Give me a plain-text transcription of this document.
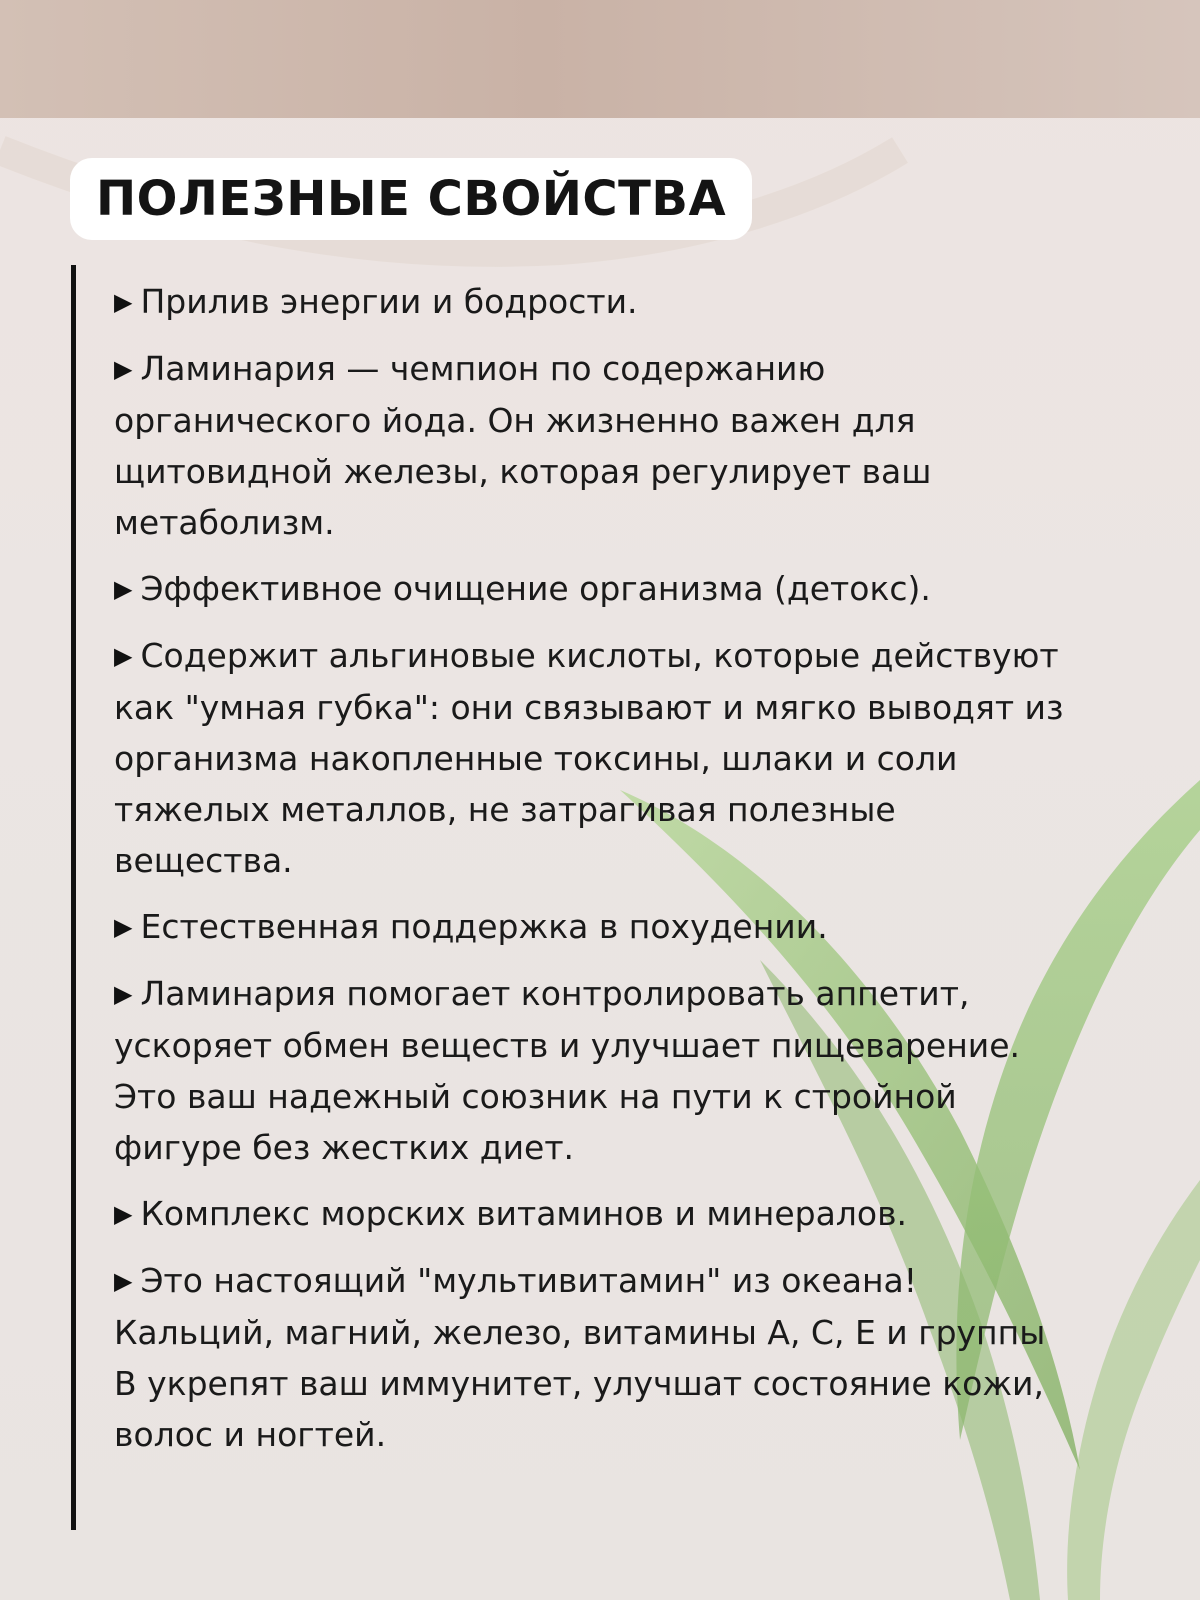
ПОЛЕЗНЫЕ СВОЙСТВА

▶ Прилив энергии и бодрости.

▶ Ламинария — чемпион по содержанию органического йода. Он жизненно важен для щитовидной железы, которая регулирует ваш метаболизм.

▶ Эффективное очищение организма (детокс).

▶ Содержит альгиновые кислоты, которые действуют как "умная губка": они связывают и мягко выводят из организма накопленные токсины, шлаки и соли тяжелых металлов, не затрагивая полезные вещества.

▶ Естественная поддержка в похудении.

▶ Ламинария помогает контролировать аппетит, ускоряет обмен веществ и улучшает пищеварение. Это ваш надежный союзник на пути к стройной фигуре без жестких диет.

▶ Комплекс морских витаминов и минералов.

▶ Это настоящий "мультивитамин" из океана! Кальций, магний, железо, витамины A, C, E и группы B укрепят ваш иммунитет, улучшат состояние кожи, волос и ногтей.
